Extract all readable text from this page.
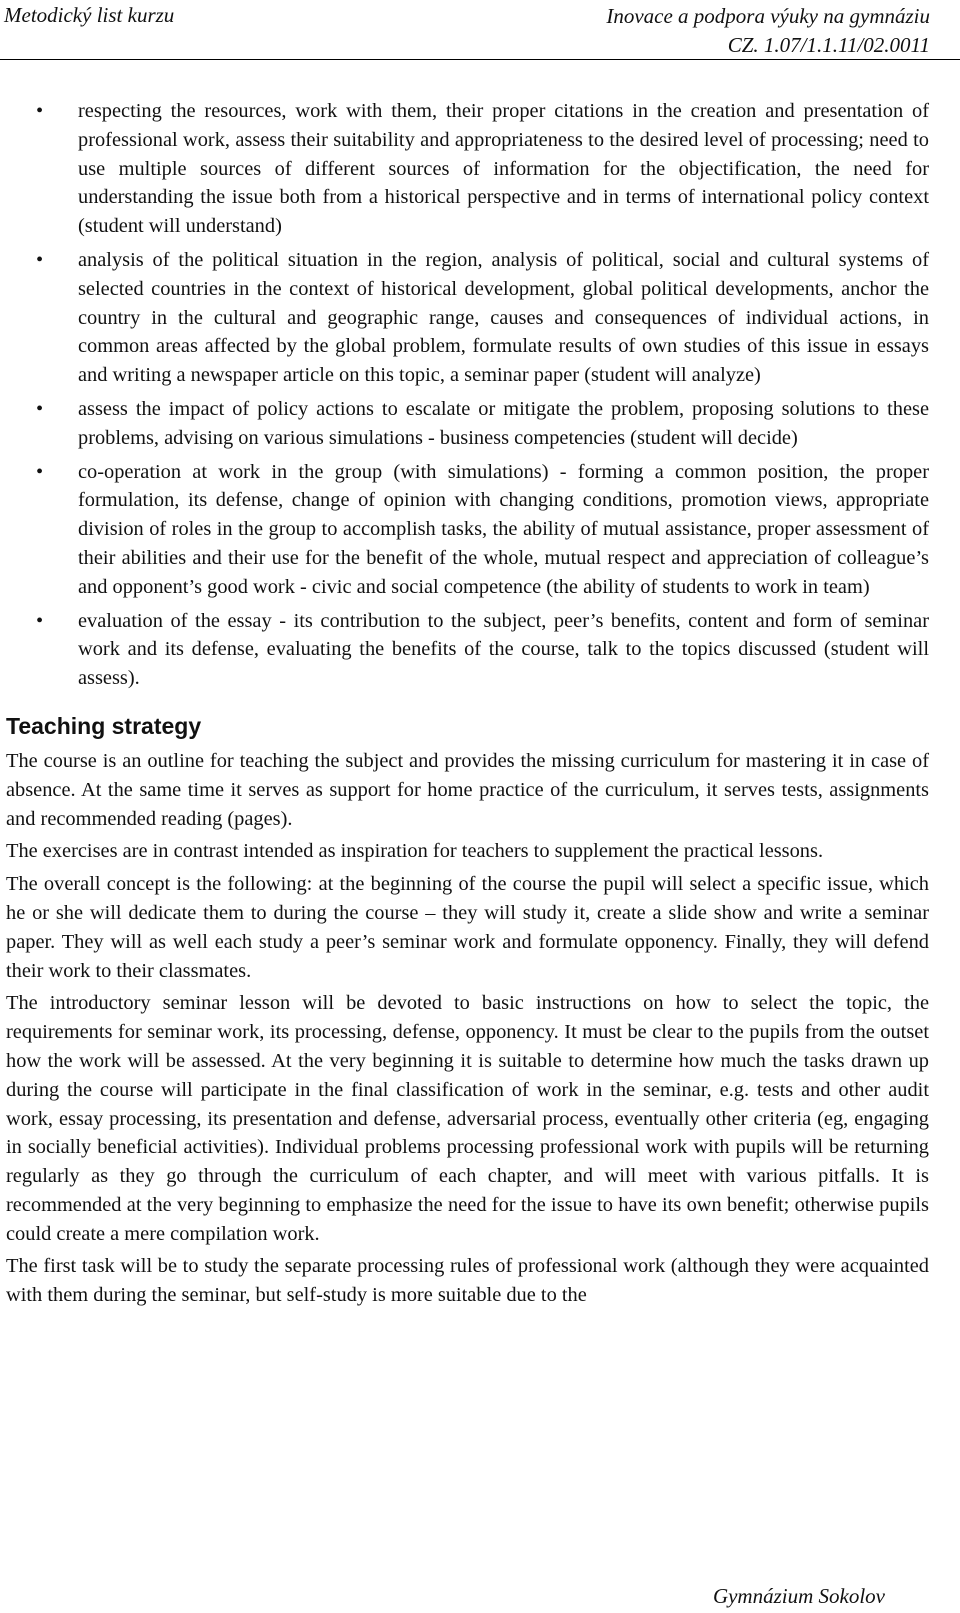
Metodický list kurzu	Inovace a podpora výuky na gymnáziu
CZ. 1.07/1.1.11/02.0011
• respecting the resources, work with them, their proper citations in the creation and presentation of professional work, assess their suitability and appropriateness to the desired level of processing; need to use multiple sources of different sources of information for the objectification, the need for understanding the issue both from a historical perspective and in terms of international policy context (student will understand)
• analysis of the political situation in the region, analysis of political, social and cultural systems of selected countries in the context of historical development, global political developments, anchor the country in the cultural and geographic range, causes and consequences of individual actions, in common areas affected by the global problem, formulate results of own studies of this issue in essays and writing a newspaper article on this topic, a seminar paper (student will analyze)
• assess the impact of policy actions to escalate or mitigate the problem, proposing solutions to these problems, advising on various simulations - business competencies (student will decide)
• co-operation at work in the group (with simulations) - forming a common position, the proper formulation, its defense, change of opinion with changing conditions, promotion views, appropriate division of roles in the group to accomplish tasks, the ability of mutual assistance, proper assessment of their abilities and their use for the benefit of the whole, mutual respect and appreciation of colleague’s and opponent’s good work - civic and social competence (the ability of students to work in team)
• evaluation of the essay - its contribution to the subject, peer’s benefits, content and form of seminar work and its defense, evaluating the benefits of the course, talk to the topics discussed (student will assess).
Teaching strategy

The course is an outline for teaching the subject and provides the missing curriculum for mastering it in case of absence. At the same time it serves as support for home practice of the curriculum, it serves tests, assignments and recommended reading (pages).

The exercises are in contrast intended as inspiration for teachers to supplement the practical lessons.

The overall concept is the following: at the beginning of the course the pupil will select a specific issue, which he or she will dedicate them to during the course – they will study it, create a slide show and write a seminar paper. They will as well each study a peer’s seminar work and formulate opponency. Finally, they will defend their work to their classmates.

The introductory seminar lesson will be devoted to basic instructions on how to select the topic, the requirements for seminar work, its processing, defense, opponency. It must be clear to the pupils from the outset how the work will be assessed. At the very beginning it is suitable to determine how much the tasks drawn up during the course will participate in the final classification of work in the seminar, e.g. tests and other audit work, essay processing, its presentation and defense, adversarial process, eventually other criteria (eg, engaging in socially beneficial activities). Individual problems processing professional work with pupils will be returning regularly as they go through the curriculum of each chapter, and will meet with various pitfalls. It is recommended at the very beginning to emphasize the need for the issue to have its own benefit; otherwise pupils could create a mere compilation work.

The first task will be to study the separate processing rules of professional work (although they were acquainted with them during the seminar, but self-study is more suitable due to the

Gymnázium Sokolov
